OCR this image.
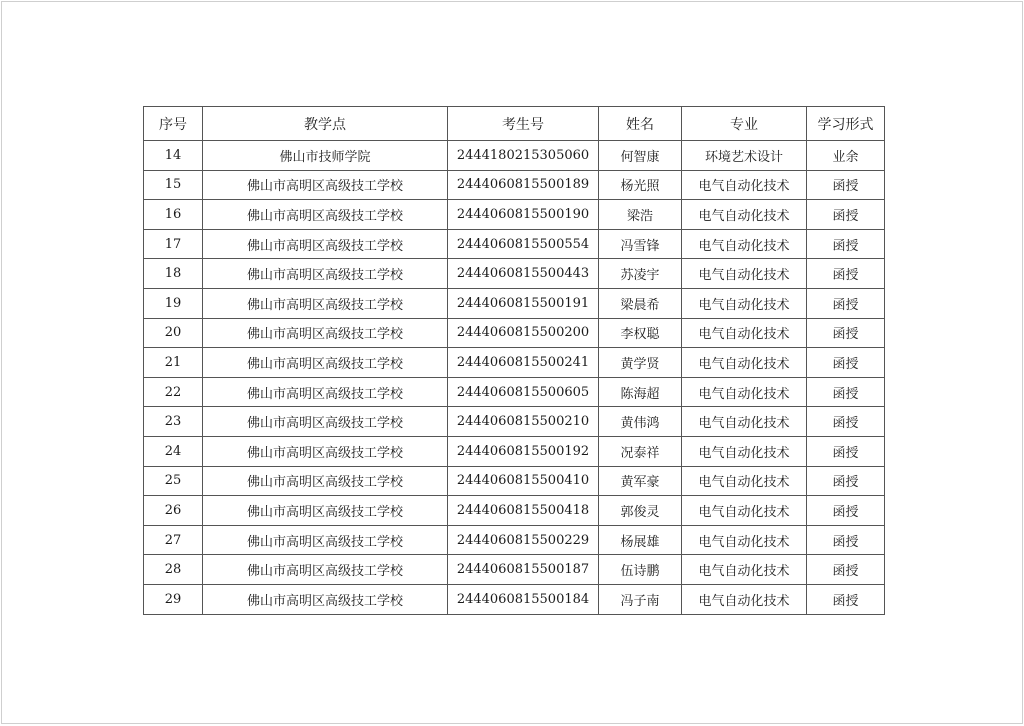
序号	教学点	考生号	姓名	专业	学习形式
14	佛山市技师学院	2444180215305060	何智康	环境艺术设计	业余
15	佛山市高明区高级技工学校	2444060815500189	杨光照	电气自动化技术	函授
16	佛山市高明区高级技工学校	2444060815500190	梁浩	电气自动化技术	函授
17	佛山市高明区高级技工学校	2444060815500554	冯雪锋	电气自动化技术	函授
18	佛山市高明区高级技工学校	2444060815500443	苏凌宇	电气自动化技术	函授
19	佛山市高明区高级技工学校	2444060815500191	梁晨希	电气自动化技术	函授
20	佛山市高明区高级技工学校	2444060815500200	李权聪	电气自动化技术	函授
21	佛山市高明区高级技工学校	2444060815500241	黄学贤	电气自动化技术	函授
22	佛山市高明区高级技工学校	2444060815500605	陈海超	电气自动化技术	函授
23	佛山市高明区高级技工学校	2444060815500210	黄伟鸿	电气自动化技术	函授
24	佛山市高明区高级技工学校	2444060815500192	况泰祥	电气自动化技术	函授
25	佛山市高明区高级技工学校	2444060815500410	黄军豪	电气自动化技术	函授
26	佛山市高明区高级技工学校	2444060815500418	郭俊灵	电气自动化技术	函授
27	佛山市高明区高级技工学校	2444060815500229	杨展雄	电气自动化技术	函授
28	佛山市高明区高级技工学校	2444060815500187	伍诗鹏	电气自动化技术	函授
29	佛山市高明区高级技工学校	2444060815500184	冯子南	电气自动化技术	函授
